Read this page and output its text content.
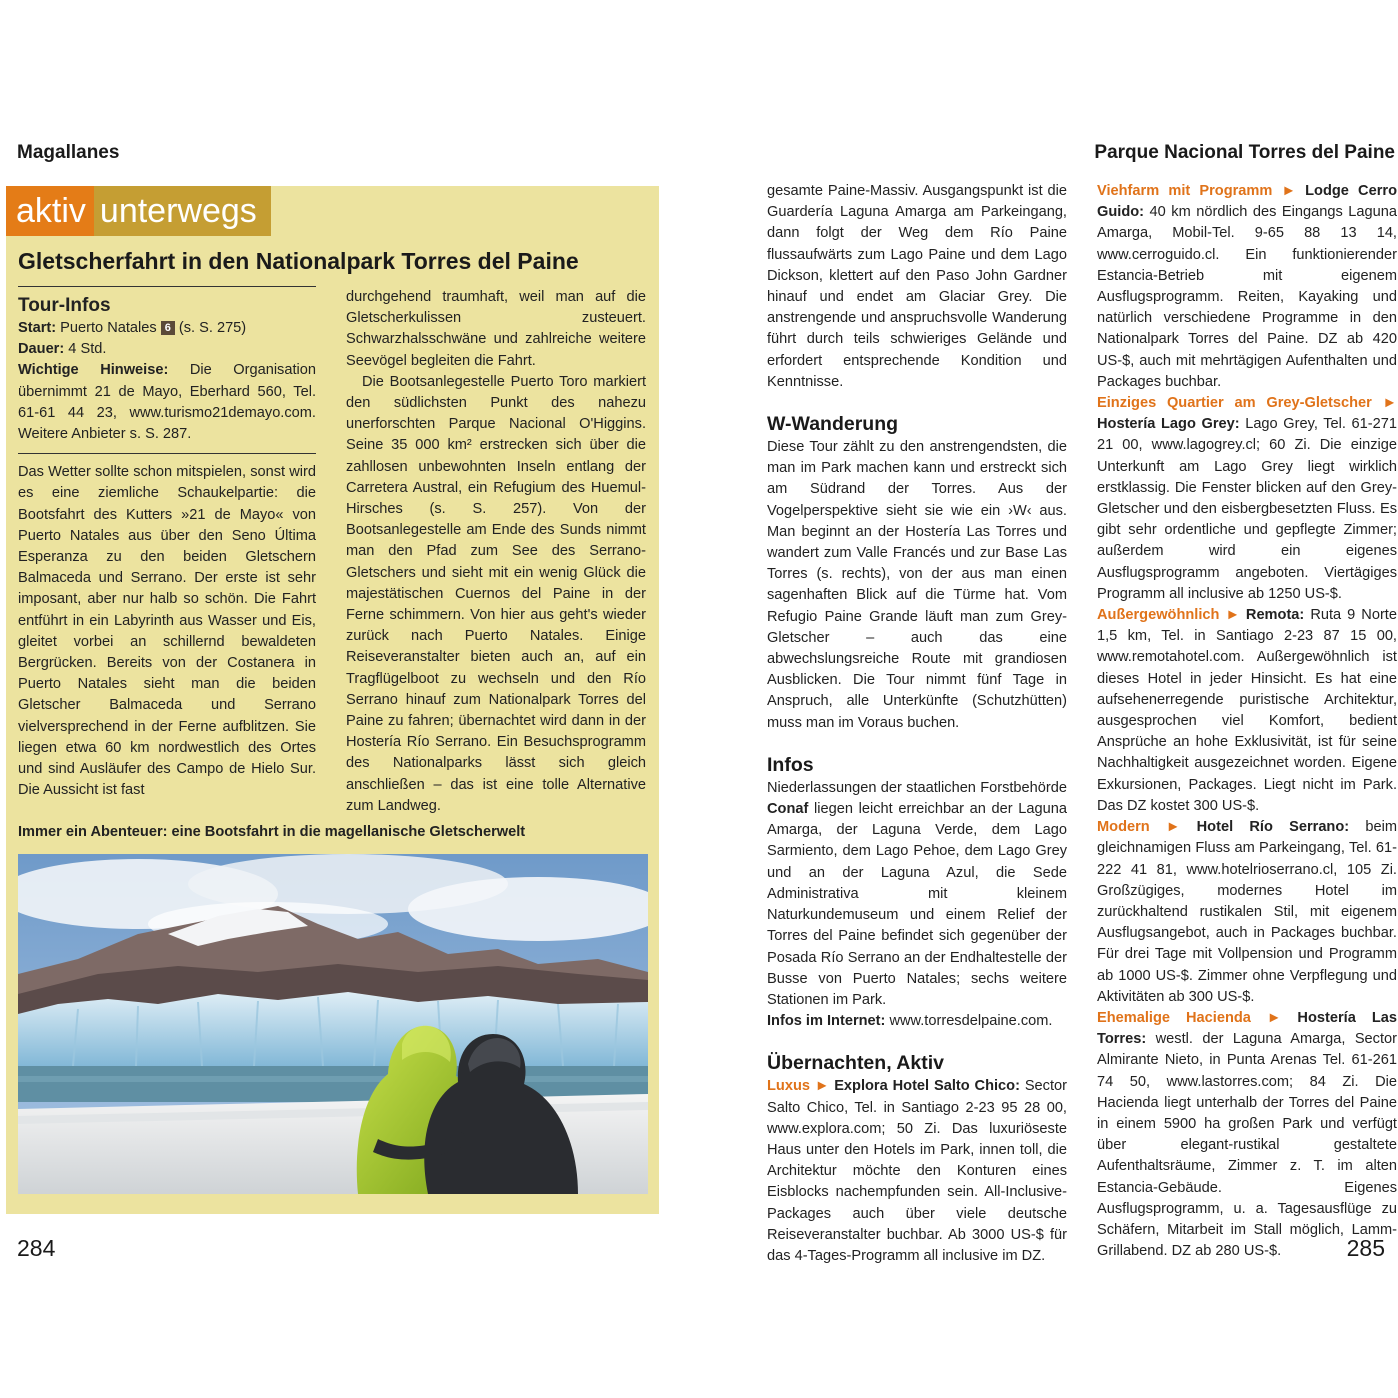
Magallanes	Parque Nacional Torres del Paine
aktiv unterwegs
Gletscherfahrt in den Nationalpark Torres del Paine
Tour-Infos
Start: Puerto Natales 6 (s. S. 275)
Dauer: 4 Std.

Wichtige Hinweise: Die Organisation übernimmt 21 de Mayo, Eberhard 560, Tel. 61-61 44 23, www.turismo21demayo.com. Weitere Anbieter s. S. 287.

Das Wetter sollte schon mitspielen, sonst wird es eine ziemliche Schaukelpartie: die Bootsfahrt des Kutters »21 de Mayo« von Puerto Natales aus über den Seno Última Esperanza zu den beiden Gletschern Balmaceda und Serrano. Der erste ist sehr imposant, aber nur halb so schön. Die Fahrt entführt in ein Labyrinth aus Wasser und Eis, gleitet vorbei an schillernd bewaldeten Bergrücken. Bereits von der Costanera in Puerto Natales sieht man die beiden Gletscher Balmaceda und Serrano vielversprechend in der Ferne aufblitzen. Sie liegen etwa 60 km nordwestlich des Ortes und sind Ausläufer des Campo de Hielo Sur. Die Aussicht ist fast

durchgehend traumhaft, weil man auf die Gletscherkulissen zusteuert. Schwarzhalsschwäne und zahlreiche weitere Seevögel begleiten die Fahrt.

Die Bootsanlegestelle Puerto Toro markiert den südlichsten Punkt des nahezu unerforschten Parque Nacional O'Higgins. Seine 35 000 km² erstrecken sich über die zahllosen unbewohnten Inseln entlang der Carretera Austral, ein Refugium des Huemul-Hirsches (s. S. 257). Von der Bootsanlegestelle am Ende des Sunds nimmt man den Pfad zum See des Serrano-Gletschers und sieht mit ein wenig Glück die majestätischen Cuernos del Paine in der Ferne schimmern. Von hier aus geht's wieder zurück nach Puerto Natales. Einige Reiseveranstalter bieten auch an, auf ein Tragflügelboot zu wechseln und den Río Serrano hinauf zum Nationalpark Torres del Paine zu fahren; übernachtet wird dann in der Hostería Río Serrano. Ein Besuchsprogramm des Nationalparks lässt sich gleich anschließen – das ist eine tolle Alternative zum Landweg.

Immer ein Abenteuer: eine Bootsfahrt in die magellanische Gletscherwelt

gesamte Paine-Massiv. Ausgangspunkt ist die Guardería Laguna Amarga am Parkeingang, dann folgt der Weg dem Río Paine flussaufwärts zum Lago Paine und dem Lago Dickson, klettert auf den Paso John Gardner hinauf und endet am Glaciar Grey. Die anstrengende und anspruchsvolle Wanderung führt durch teils schwieriges Gelände und erfordert entsprechende Kondition und Kenntnisse.

W-Wanderung

Diese Tour zählt zu den anstrengendsten, die man im Park machen kann und erstreckt sich am Südrand der Torres. Aus der Vogelperspektive sieht sie wie ein ›W‹ aus. Man beginnt an der Hostería Las Torres und wandert zum Valle Francés und zur Base Las Torres (s. rechts), von der aus man einen sagenhaften Blick auf die Türme hat. Vom Refugio Paine Grande läuft man zum Grey-Gletscher – auch das eine abwechslungsreiche Route mit grandiosen Ausblicken. Die Tour nimmt fünf Tage in Anspruch, alle Unterkünfte (Schutzhütten) muss man im Voraus buchen.

Infos

Niederlassungen der staatlichen Forstbehörde Conaf liegen leicht erreichbar an der Laguna Amarga, der Laguna Verde, dem Lago Sarmiento, dem Lago Pehoe, dem Lago Grey und an der Laguna Azul, die Sede Administrativa mit kleinem Naturkundemuseum und einem Relief der Torres del Paine befindet sich gegenüber der Posada Río Serrano an der Endhaltestelle der Busse von Puerto Natales; sechs weitere Stationen im Park.

Infos im Internet: www.torresdelpaine.com.

Übernachten, Aktiv

Luxus ► Explora Hotel Salto Chico: Sector Salto Chico, Tel. in Santiago 2-23 95 28 00, www.explora.com; 50 Zi. Das luxuriöseste Haus unter den Hotels im Park, innen toll, die Architektur möchte den Konturen eines Eisblocks nachempfunden sein. All-Inclusive-Packages auch über viele deutsche Reiseveranstalter buchbar. Ab 3000 US-$ für das 4-Tages-Programm all inclusive im DZ.

Viehfarm mit Programm ► Lodge Cerro Guido: 40 km nördlich des Eingangs Laguna Amarga, Mobil-Tel. 9-65 88 13 14, www.cerroguido.cl. Ein funktionierender Estancia-Betrieb mit eigenem Ausflugsprogramm. Reiten, Kayaking und natürlich verschiedene Programme in den Nationalpark Torres del Paine. DZ ab 420 US-$, auch mit mehrtägigen Aufenthalten und Packages buchbar.

Einziges Quartier am Grey-Gletscher ► Hostería Lago Grey: Lago Grey, Tel. 61-271 21 00, www.lagogrey.cl; 60 Zi. Die einzige Unterkunft am Lago Grey liegt wirklich erstklassig. Die Fenster blicken auf den Grey-Gletscher und den eisbergbesetzten Fluss. Es gibt sehr ordentliche und gepflegte Zimmer; außerdem wird ein eigenes Ausflugsprogramm angeboten. Viertägiges Programm all inclusive ab 1250 US-$.

Außergewöhnlich ► Remota: Ruta 9 Norte 1,5 km, Tel. in Santiago 2-23 87 15 00, www.remotahotel.com. Außergewöhnlich ist dieses Hotel in jeder Hinsicht. Es hat eine aufsehenerregende puristische Architektur, ausgesprochen viel Komfort, bedient Ansprüche an hohe Exklusivität, ist für seine Nachhaltigkeit ausgezeichnet worden. Eigene Exkursionen, Packages. Liegt nicht im Park. Das DZ kostet 300 US-$.

Modern ► Hotel Río Serrano: beim gleichnamigen Fluss am Parkeingang, Tel. 61-222 41 81, www.hotelrioserrano.cl, 105 Zi. Großzügiges, modernes Hotel im zurückhaltend rustikalen Stil, mit eigenem Ausflugsangebot, auch in Packages buchbar. Für drei Tage mit Vollpension und Programm ab 1000 US-$. Zimmer ohne Verpflegung und Aktivitäten ab 300 US-$.

Ehemalige Hacienda ► Hostería Las Torres: westl. der Laguna Amarga, Sector Almirante Nieto, in Punta Arenas Tel. 61-261 74 50, www.lastorres.com; 84 Zi. Die Hacienda liegt unterhalb der Torres del Paine in einem 5900 ha großen Park und verfügt über elegant-rustikal gestaltete Aufenthaltsräume, Zimmer z. T. im alten Estancia-Gebäude. Eigenes Ausflugsprogramm, u. a. Tagesausflüge zu Schäfern, Mitarbeit im Stall möglich, Lamm-Grillabend. DZ ab 280 US-$.

284	285
